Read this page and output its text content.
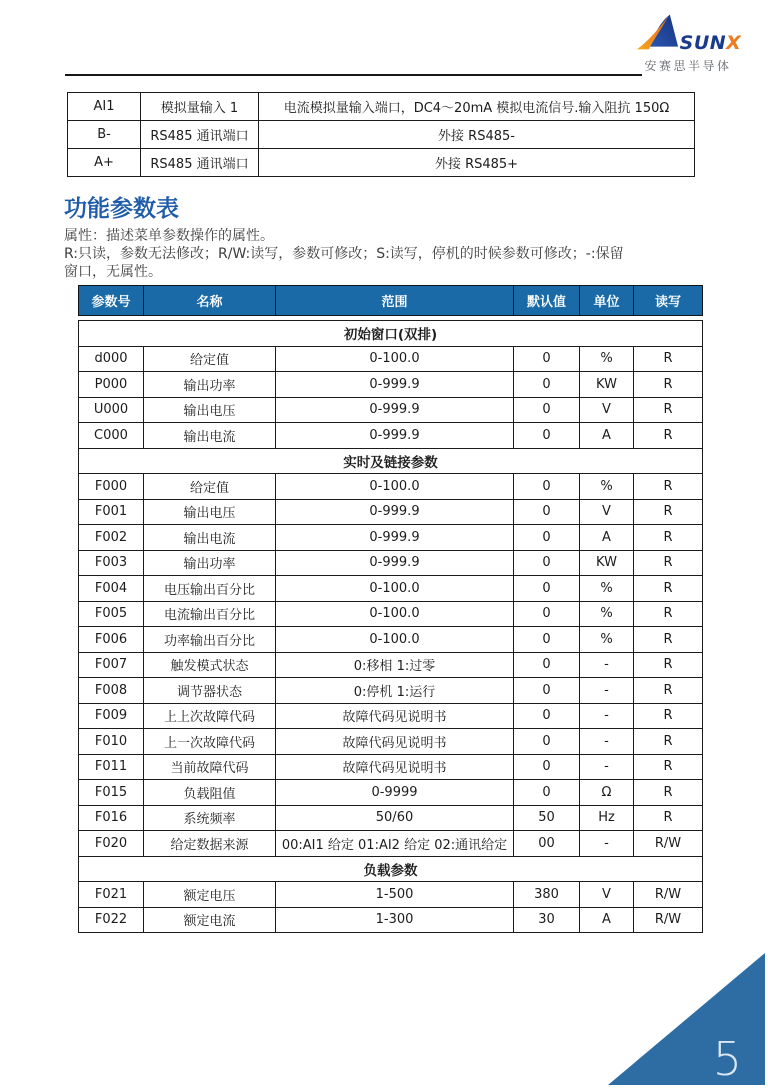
SUNX
安赛思半导体
AI1	模拟量输入 1	电流模拟量输入端口，DC4～20mA 模拟电流信号.输入阻抗 150Ω
B-	RS485 通讯端口	外接 RS485-
A+	RS485 通讯端口	外接 RS485+
功能参数表
属性：描述菜单参数操作的属性。
R:只读，参数无法修改；R/W:读写，参数可修改；S:读写，停机的时候参数可修改；-:保留
窗口，无属性。
参数号	名称	范围	默认值	单位	读写
初始窗口(双排)					
d000	给定值	0-100.0	0	%	R
P000	输出功率	0-999.9	0	KW	R
U000	输出电压	0-999.9	0	V	R
C000	输出电流	0-999.9	0	A	R
实时及链接参数					
F000	给定值	0-100.0	0	%	R
F001	输出电压	0-999.9	0	V	R
F002	输出电流	0-999.9	0	A	R
F003	输出功率	0-999.9	0	KW	R
F004	电压输出百分比	0-100.0	0	%	R
F005	电流输出百分比	0-100.0	0	%	R
F006	功率输出百分比	0-100.0	0	%	R
F007	触发模式状态	0:移相 1:过零	0	-	R
F008	调节器状态	0:停机 1:运行	0	-	R
F009	上上次故障代码	故障代码见说明书	0	-	R
F010	上一次故障代码	故障代码见说明书	0	-	R
F011	当前故障代码	故障代码见说明书	0	-	R
F015	负载阻值	0-9999	0	Ω	R
F016	系统频率	50/60	50	Hz	R
F020	给定数据来源	00:AI1 给定 01:AI2 给定 02:通讯给定	00	-	R/W
负载参数					
F021	额定电压	1-500	380	V	R/W
F022	额定电流	1-300	30	A	R/W
5
